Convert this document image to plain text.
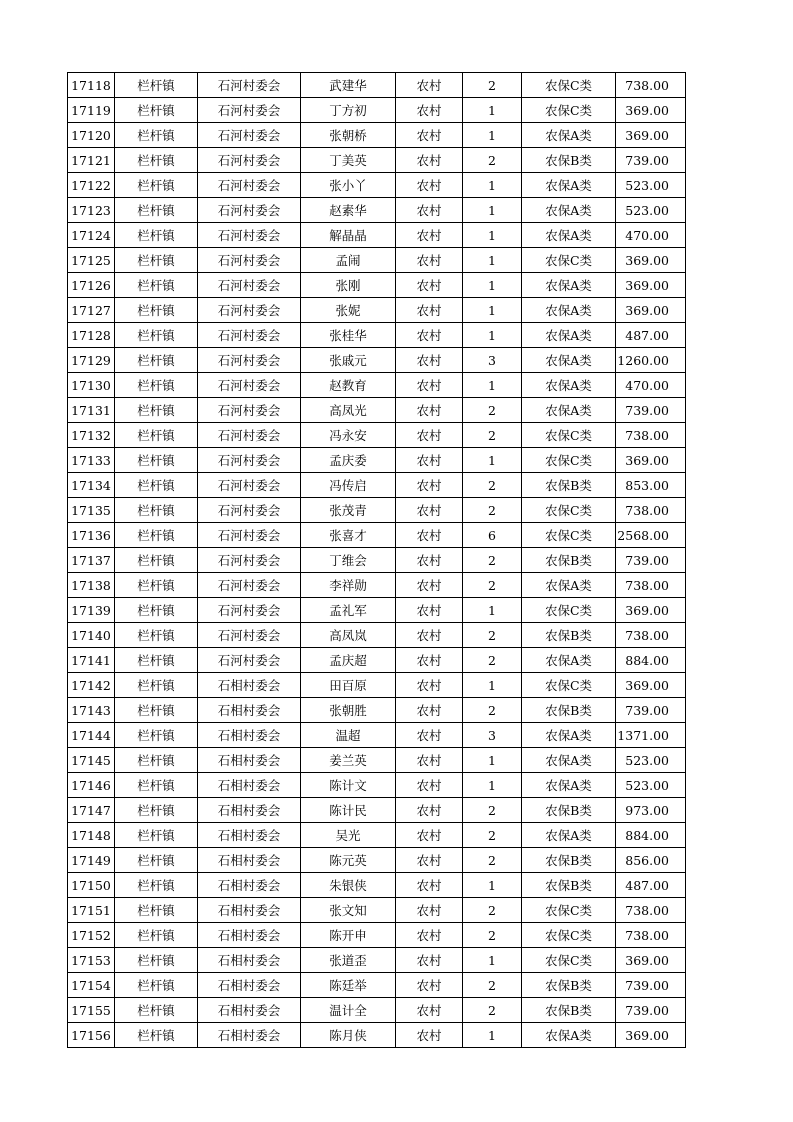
17118	栏杆镇	石河村委会	武建华	农村	2	农保C类	738.00
17119	栏杆镇	石河村委会	丁方初	农村	1	农保C类	369.00
17120	栏杆镇	石河村委会	张朝桥	农村	1	农保A类	369.00
17121	栏杆镇	石河村委会	丁美英	农村	2	农保B类	739.00
17122	栏杆镇	石河村委会	张小丫	农村	1	农保A类	523.00
17123	栏杆镇	石河村委会	赵素华	农村	1	农保A类	523.00
17124	栏杆镇	石河村委会	解晶晶	农村	1	农保A类	470.00
17125	栏杆镇	石河村委会	孟闹	农村	1	农保C类	369.00
17126	栏杆镇	石河村委会	张刚	农村	1	农保A类	369.00
17127	栏杆镇	石河村委会	张妮	农村	1	农保A类	369.00
17128	栏杆镇	石河村委会	张桂华	农村	1	农保A类	487.00
17129	栏杆镇	石河村委会	张戚元	农村	3	农保A类	1260.00
17130	栏杆镇	石河村委会	赵教育	农村	1	农保A类	470.00
17131	栏杆镇	石河村委会	高凤光	农村	2	农保A类	739.00
17132	栏杆镇	石河村委会	冯永安	农村	2	农保C类	738.00
17133	栏杆镇	石河村委会	孟庆委	农村	1	农保C类	369.00
17134	栏杆镇	石河村委会	冯传启	农村	2	农保B类	853.00
17135	栏杆镇	石河村委会	张茂青	农村	2	农保C类	738.00
17136	栏杆镇	石河村委会	张喜才	农村	6	农保C类	2568.00
17137	栏杆镇	石河村委会	丁维会	农村	2	农保B类	739.00
17138	栏杆镇	石河村委会	李祥勋	农村	2	农保A类	738.00
17139	栏杆镇	石河村委会	孟礼军	农村	1	农保C类	369.00
17140	栏杆镇	石河村委会	高凤岚	农村	2	农保B类	738.00
17141	栏杆镇	石河村委会	孟庆超	农村	2	农保A类	884.00
17142	栏杆镇	石相村委会	田百原	农村	1	农保C类	369.00
17143	栏杆镇	石相村委会	张朝胜	农村	2	农保B类	739.00
17144	栏杆镇	石相村委会	温超	农村	3	农保A类	1371.00
17145	栏杆镇	石相村委会	姜兰英	农村	1	农保A类	523.00
17146	栏杆镇	石相村委会	陈计文	农村	1	农保A类	523.00
17147	栏杆镇	石相村委会	陈计民	农村	2	农保B类	973.00
17148	栏杆镇	石相村委会	吴光	农村	2	农保A类	884.00
17149	栏杆镇	石相村委会	陈元英	农村	2	农保B类	856.00
17150	栏杆镇	石相村委会	朱银侠	农村	1	农保B类	487.00
17151	栏杆镇	石相村委会	张文知	农村	2	农保C类	738.00
17152	栏杆镇	石相村委会	陈开申	农村	2	农保C类	738.00
17153	栏杆镇	石相村委会	张道歪	农村	1	农保C类	369.00
17154	栏杆镇	石相村委会	陈廷举	农村	2	农保B类	739.00
17155	栏杆镇	石相村委会	温计全	农村	2	农保B类	739.00
17156	栏杆镇	石相村委会	陈月侠	农村	1	农保A类	369.00
